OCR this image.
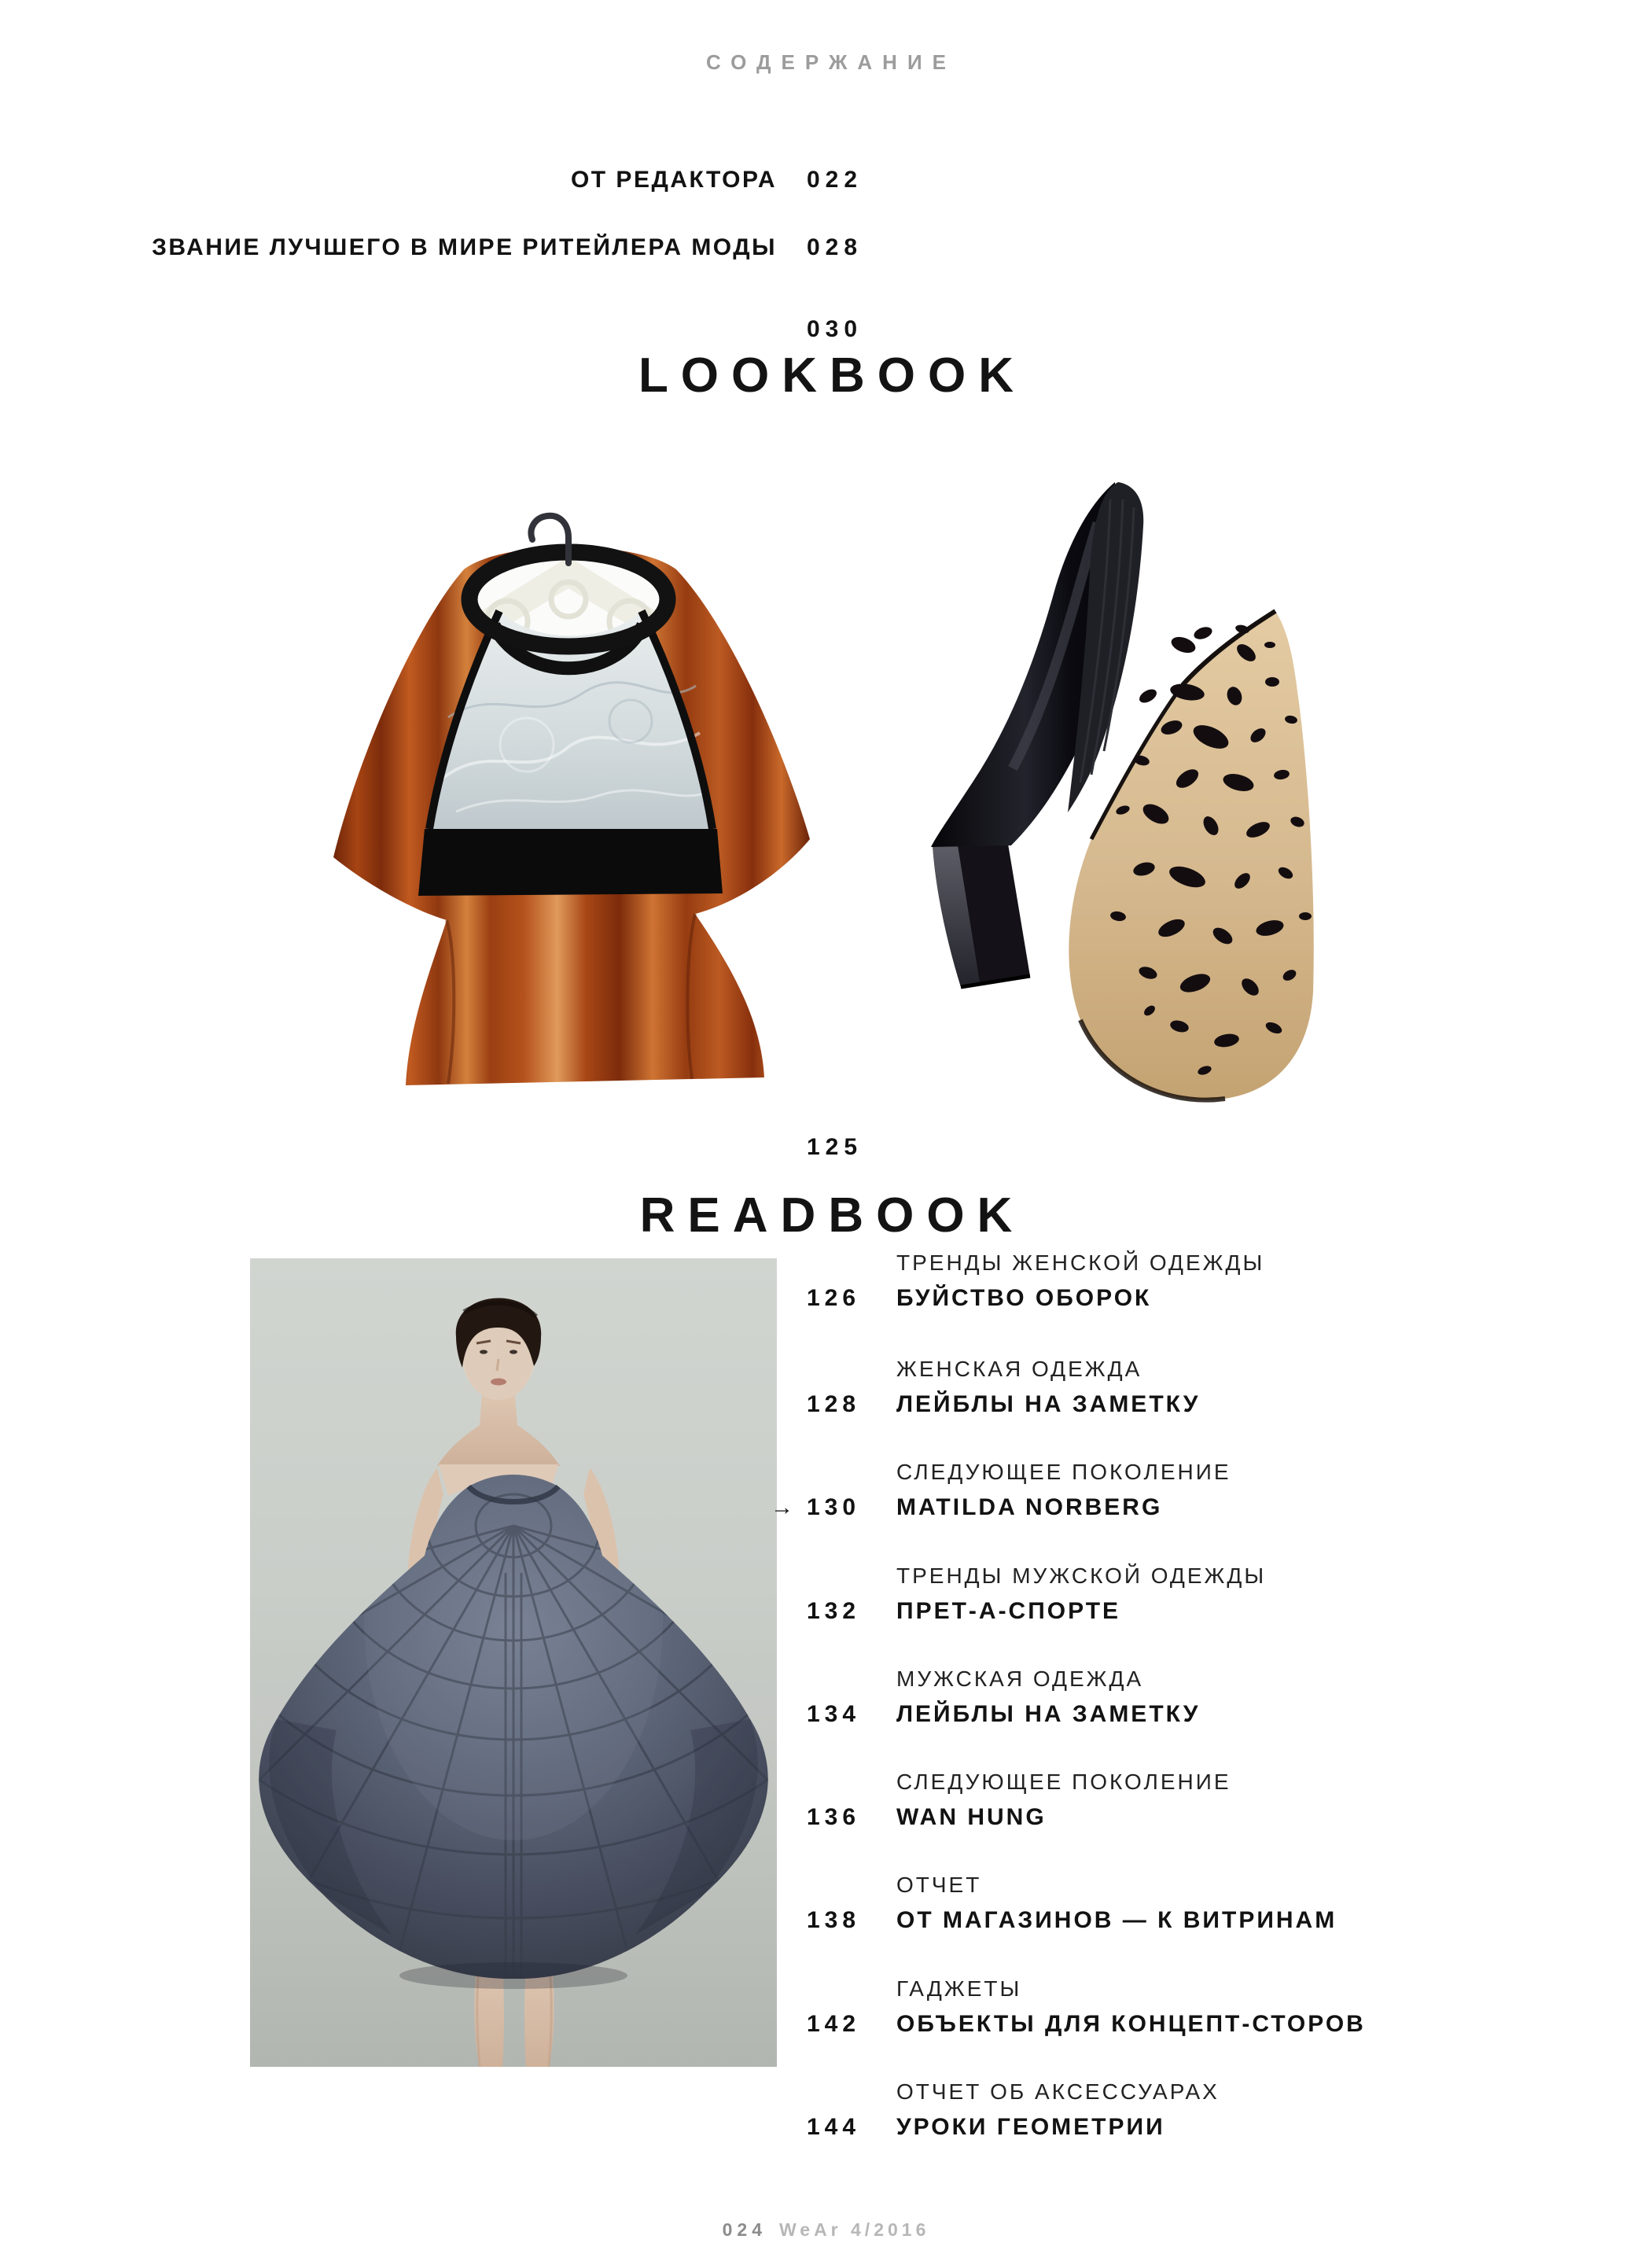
СОДЕРЖАНИЕ
ОТ РЕДАКТОРА 022
ЗВАНИЕ ЛУЧШЕГО В МИРЕ РИТЕЙЛЕРА МОДЫ 028
030
LOOKBOOK
125
READBOOK
ТРЕНДЫ ЖЕНСКОЙ ОДЕЖДЫ
126 БУЙСТВО ОБОРОК
ЖЕНСКАЯ ОДЕЖДА
128 ЛЕЙБЛЫ НА ЗАМЕТКУ
СЛЕДУЮЩЕЕ ПОКОЛЕНИЕ
→ 130 MATILDA NORBERG
ТРЕНДЫ МУЖСКОЙ ОДЕЖДЫ
132 ПРЕТ-А-СПОРТЕ
МУЖСКАЯ ОДЕЖДА
134 ЛЕЙБЛЫ НА ЗАМЕТКУ
СЛЕДУЮЩЕЕ ПОКОЛЕНИЕ
136 WAN HUNG
ОТЧЕТ
138 ОТ МАГАЗИНОВ — К ВИТРИНАМ
ГАДЖЕТЫ
142 ОБЪЕКТЫ ДЛЯ КОНЦЕПТ-СТОРОВ
ОТЧЕТ ОБ АКСЕССУАРАХ
144 УРОКИ ГЕОМЕТРИИ
024 WeAr 4/2016
